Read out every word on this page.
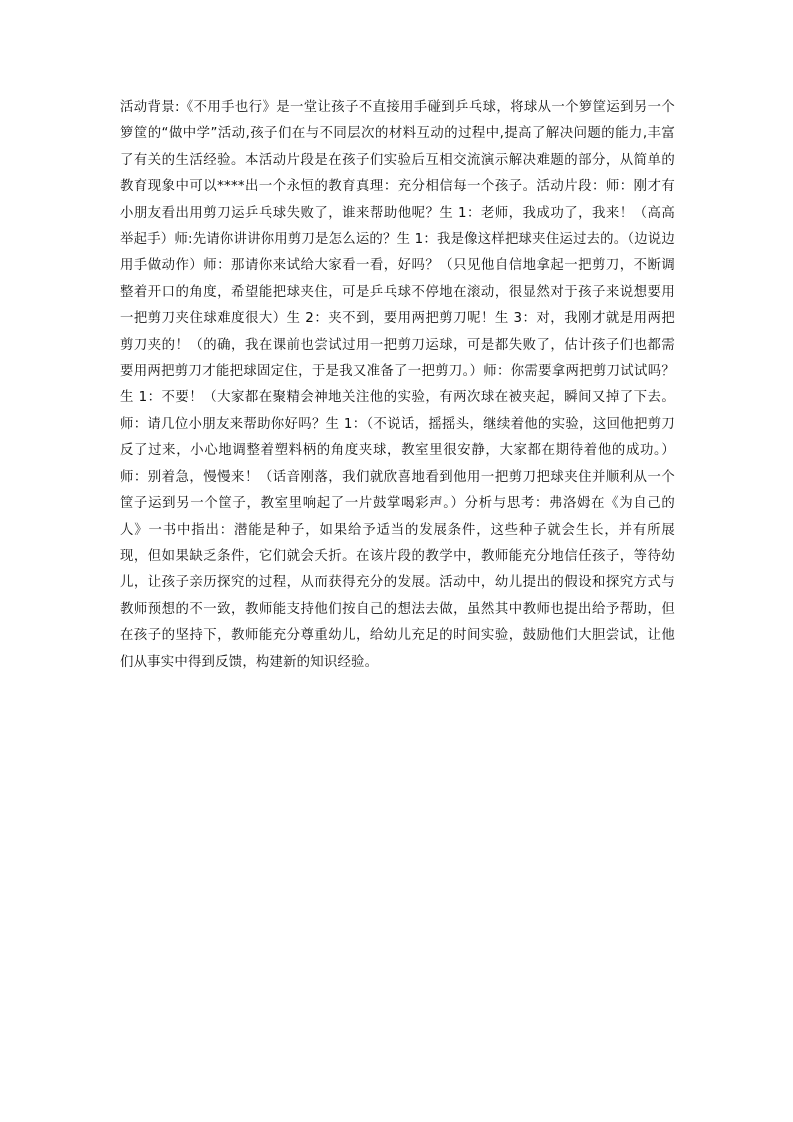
活动背景:《不用手也行》是一堂让孩子不直接用手碰到乒乓球，将球从一个箩筐运到另一个箩筐的“做中学”活动,孩子们在与不同层次的材料互动的过程中,提高了解决问题的能力,丰富了有关的生活经验。本活动片段是在孩子们实验后互相交流演示解决难题的部分，从简单的教育现象中可以****出一个永恒的教育真理：充分相信每一个孩子。活动片段：师：刚才有小朋友看出用剪刀运乒乓球失败了，谁来帮助他呢？生 1：老师，我成功了，我来！（高高举起手）师:先请你讲讲你用剪刀是怎么运的？生 1：我是像这样把球夹住运过去的。（边说边用手做动作）师：那请你来试给大家看一看，好吗？（只见他自信地拿起一把剪刀，不断调整着开口的角度，希望能把球夹住，可是乒乓球不停地在滚动，很显然对于孩子来说想要用一把剪刀夹住球难度很大）生 2：夹不到，要用两把剪刀呢！生 3：对，我刚才就是用两把剪刀夹的！（的确，我在课前也尝试过用一把剪刀运球，可是都失败了，估计孩子们也都需要用两把剪刀才能把球固定住，于是我又准备了一把剪刀。）师：你需要拿两把剪刀试试吗？生 1：不要！（大家都在聚精会神地关注他的实验，有两次球在被夹起，瞬间又掉了下去。师：请几位小朋友来帮助你好吗？生 1：（不说话，摇摇头，继续着他的实验，这回他把剪刀反了过来，小心地调整着塑料柄的角度夹球，教室里很安静，大家都在期待着他的成功。）师：别着急，慢慢来！（话音刚落，我们就欣喜地看到他用一把剪刀把球夹住并顺利从一个筐子运到另一个筐子，教室里响起了一片鼓掌喝彩声。）分析与思考：弗洛姆在《为自己的人》一书中指出：潜能是种子，如果给予适当的发展条件，这些种子就会生长，并有所展现，但如果缺乏条件，它们就会夭折。在该片段的教学中，教师能充分地信任孩子，等待幼儿，让孩子亲历探究的过程，从而获得充分的发展。活动中，幼儿提出的假设和探究方式与教师预想的不一致，教师能支持他们按自己的想法去做，虽然其中教师也提出给予帮助，但在孩子的坚持下，教师能充分尊重幼儿，给幼儿充足的时间实验，鼓励他们大胆尝试，让他们从事实中得到反馈，构建新的知识经验。
